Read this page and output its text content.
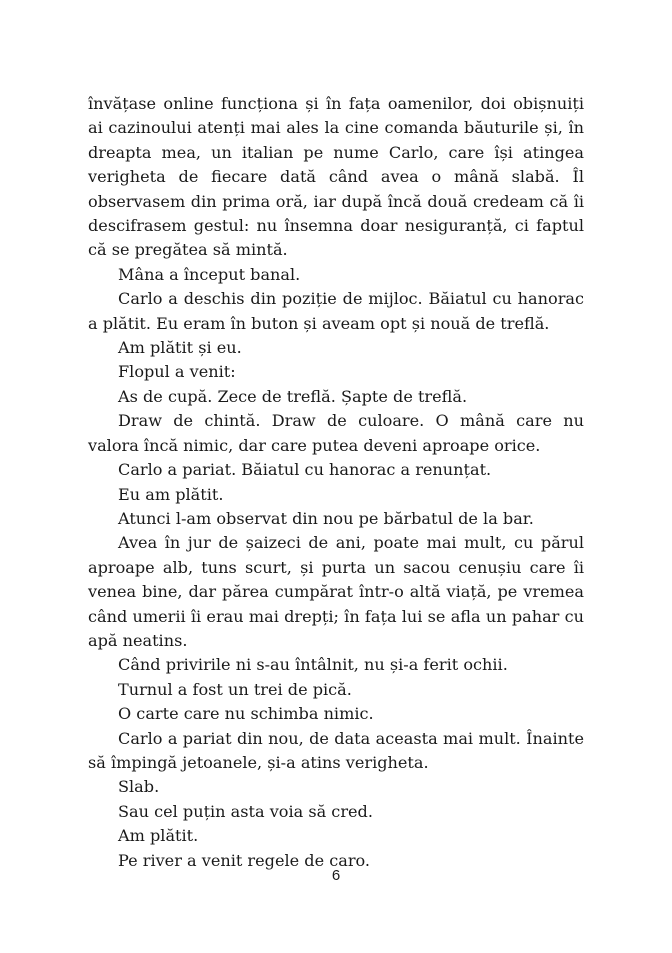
învățase online funcționa și în fața oamenilor, doi obișnuiți ai cazinoului atenți mai ales la cine comanda băuturile și, în dreapta mea, un italian pe nume Carlo, care își atingea verigheta de fiecare dată când avea o mână slabă. Îl observasem din prima oră, iar după încă două credeam că îi descifrasem gestul: nu însemna doar nesiguranță, ci faptul că se pregătea să mintă.

Mâna a început banal.

Carlo a deschis din poziție de mijloc. Băiatul cu hanorac a plătit. Eu eram în buton și aveam opt și nouă de treflă.

Am plătit și eu.

Flopul a venit:

As de cupă. Zece de treflă. Șapte de treflă.

Draw de chintă. Draw de culoare. O mână care nu valora încă nimic, dar care putea deveni aproape orice.

Carlo a pariat. Băiatul cu hanorac a renunțat.

Eu am plătit.

Atunci l-am observat din nou pe bărbatul de la bar.

Avea în jur de șaizeci de ani, poate mai mult, cu părul aproape alb, tuns scurt, și purta un sacou cenușiu care îi venea bine, dar părea cumpărat într-o altă viață, pe vremea când umerii îi erau mai drepți; în fața lui se afla un pahar cu apă neatins.

Când privirile ni s-au întâlnit, nu și-a ferit ochii.

Turnul a fost un trei de pică.

O carte care nu schimba nimic.

Carlo a pariat din nou, de data aceasta mai mult. Înainte să împingă jetoanele, și-a atins verigheta.

Slab.

Sau cel puțin asta voia să cred.

Am plătit.

Pe river a venit regele de caro.

6
